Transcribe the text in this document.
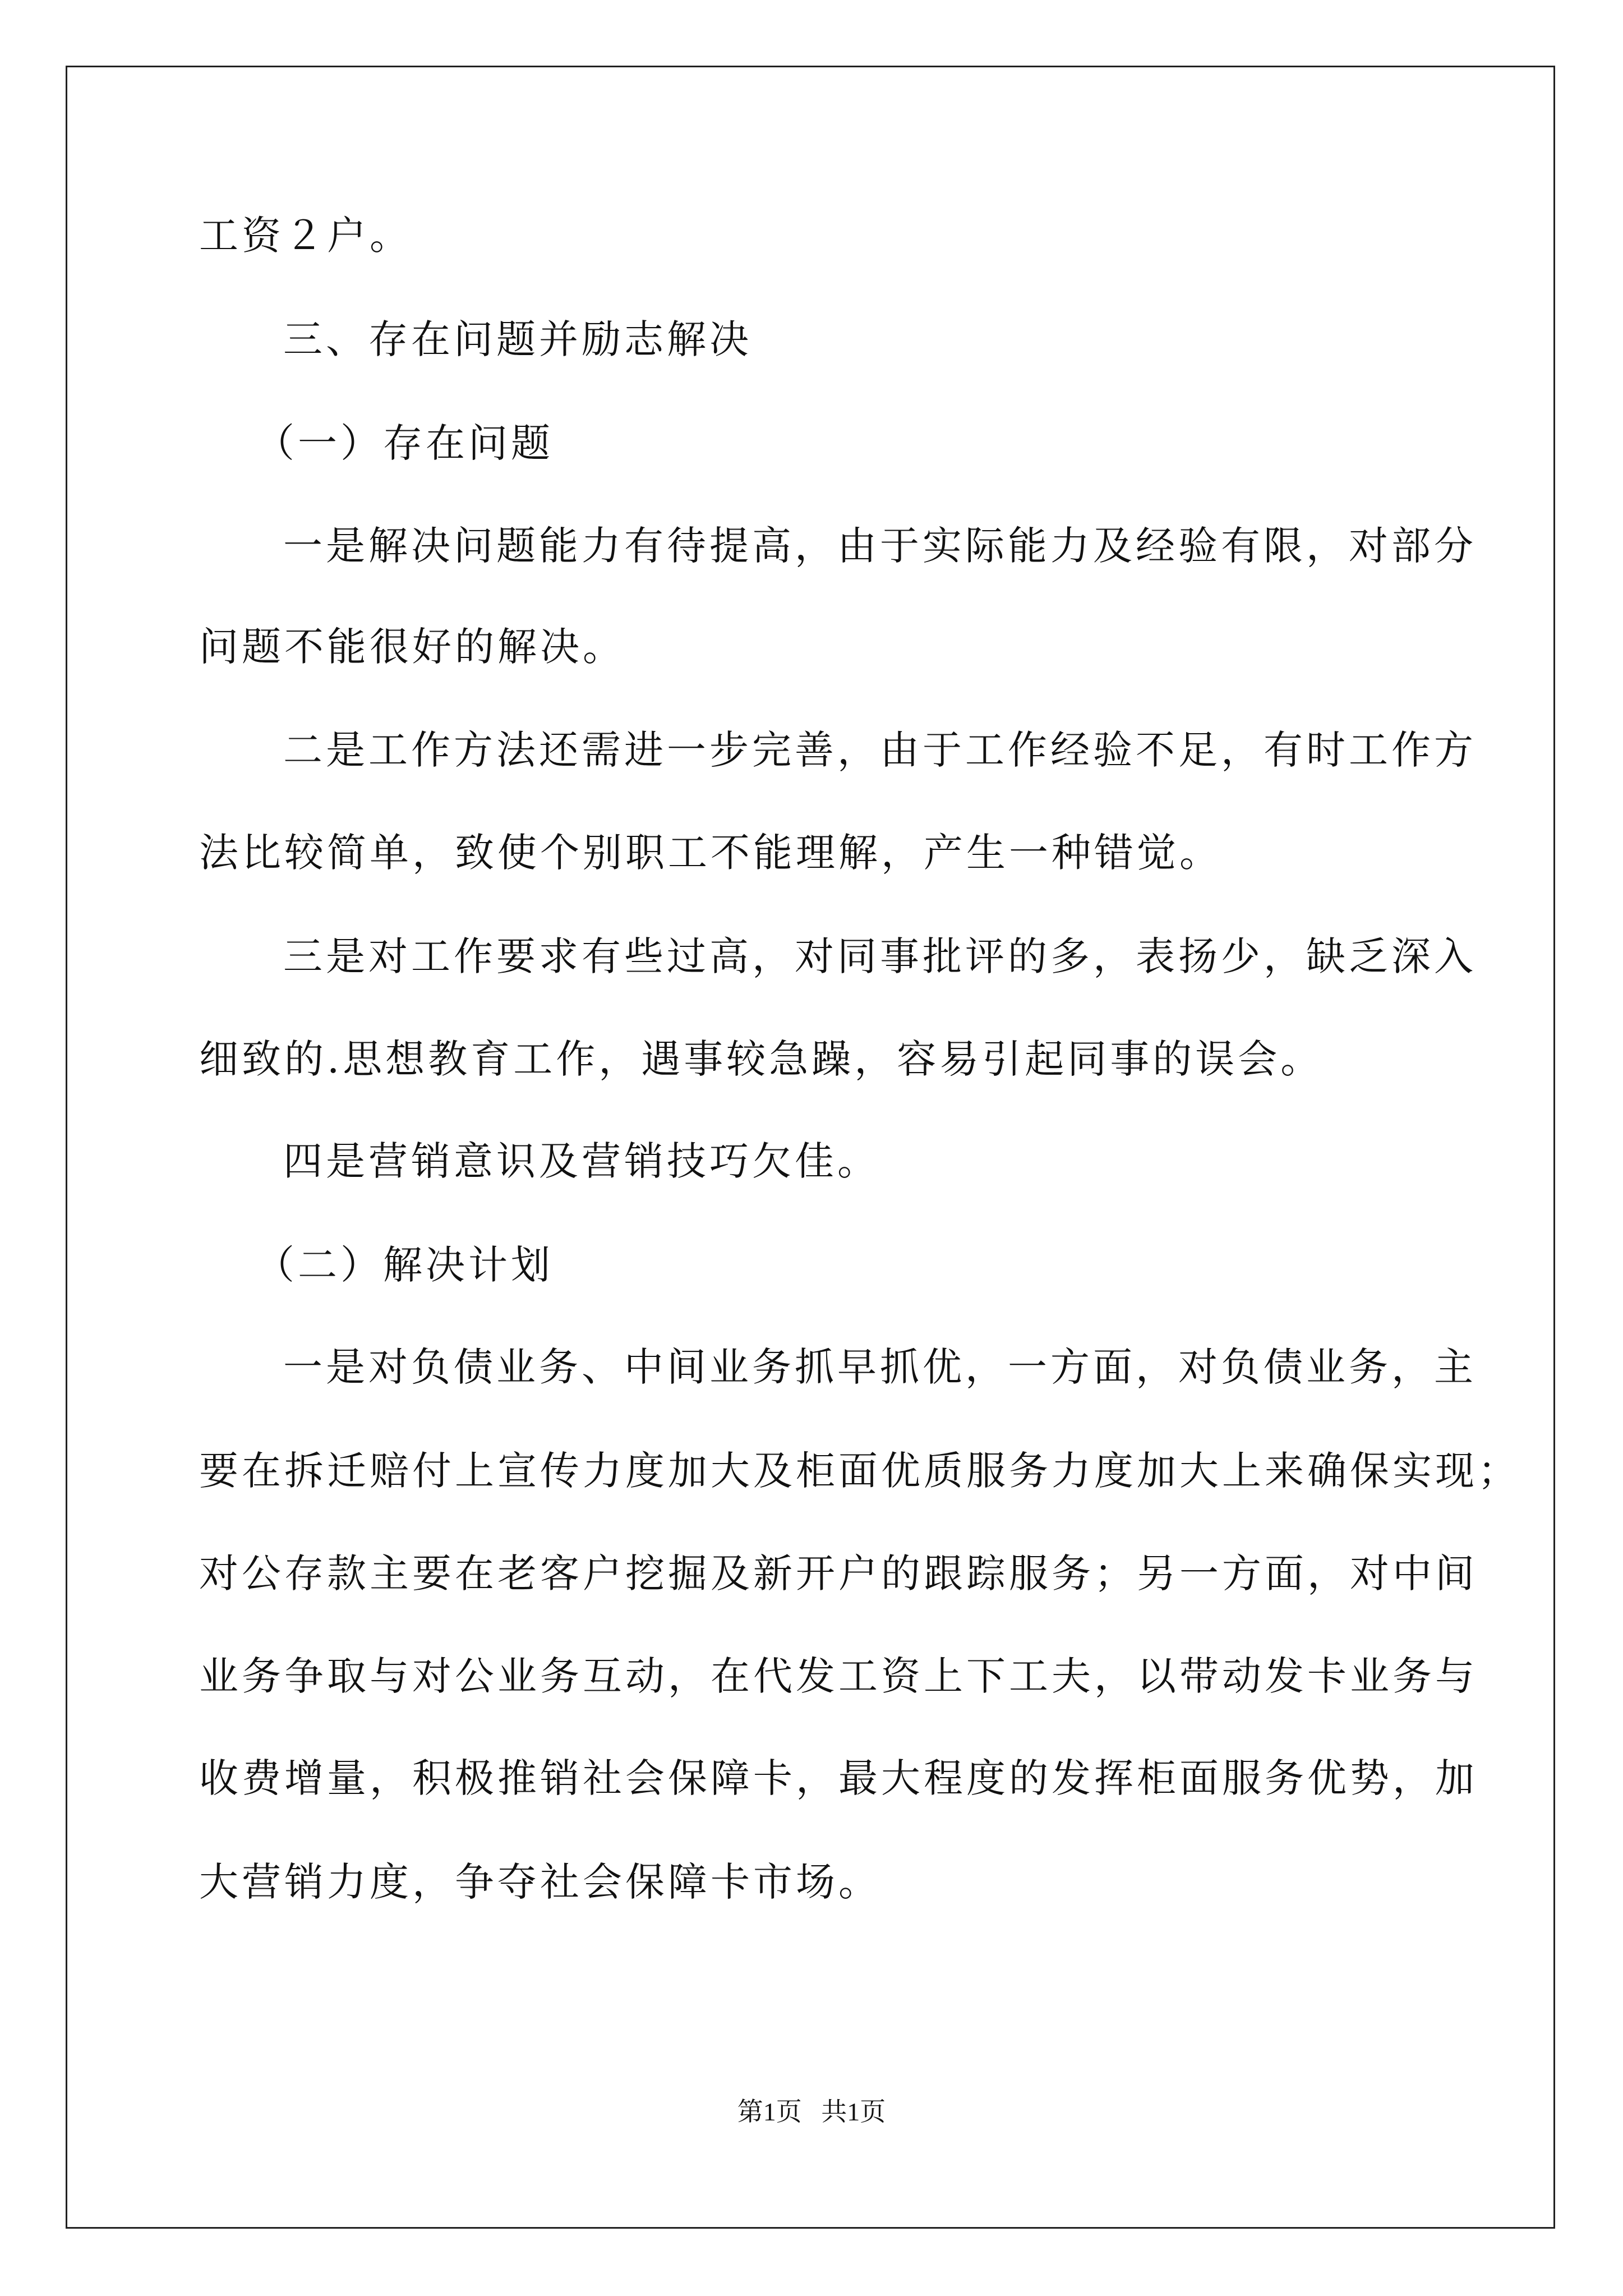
工资２户。
三、存在问题并励志解决
（一）存在问题
一是解决问题能力有待提高，由于实际能力及经验有限，对部分
问题不能很好的解决。
二是工作方法还需进一步完善，由于工作经验不足，有时工作方
法比较简单，致使个别职工不能理解，产生一种错觉。
三是对工作要求有些过高，对同事批评的多，表扬少，缺乏深入
细致的.思想教育工作，遇事较急躁，容易引起同事的误会。
四是营销意识及营销技巧欠佳。
（二）解决计划
一是对负债业务、中间业务抓早抓优，一方面，对负债业务，主
要在拆迁赔付上宣传力度加大及柜面优质服务力度加大上来确保实现；
对公存款主要在老客户挖掘及新开户的跟踪服务；另一方面，对中间
业务争取与对公业务互动，在代发工资上下工夫，以带动发卡业务与
收费增量，积极推销社会保障卡，最大程度的发挥柜面服务优势，加
大营销力度，争夺社会保障卡市场。
第1页   共1页
